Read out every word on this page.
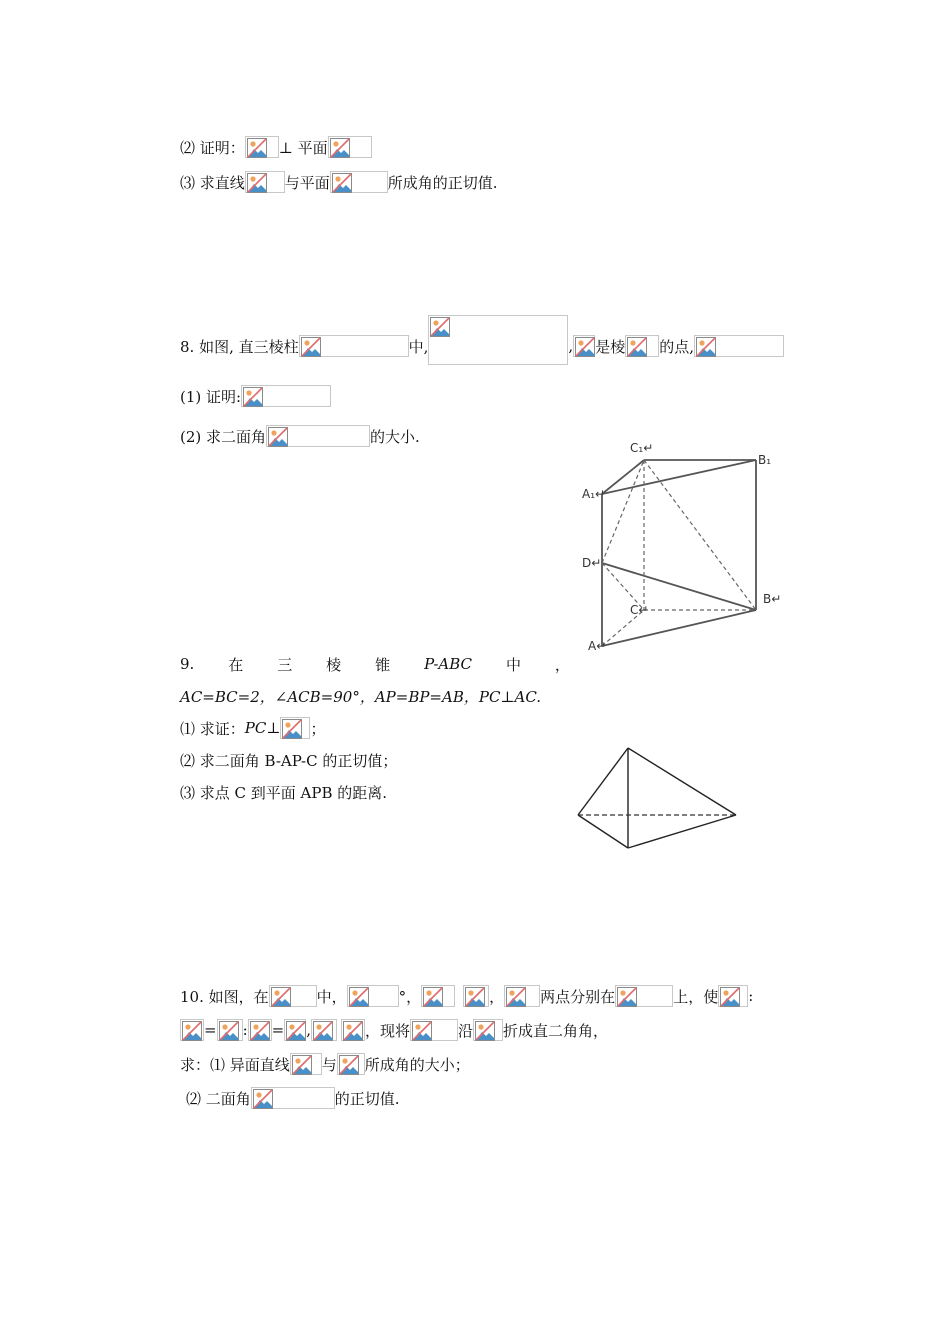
⑵ 证明： ⊥ 平面
⑶ 求直线	与平面	所成角的正切值.
8. 如图, 直三棱柱	中,	, 是棱 的点,
(1) 证明:
(2) 求二面角	的大小.
C₁↵
B₁
A₁↵
D↵
C↵
B↵
A↵
9. 在 三 棱 锥 P-ABC 中 ，
AC=BC=2，∠ACB=90°，AP=BP=AB，PC⊥AC.
⑴ 求证： PC⊥ ；
⑵ 求二面角 B-AP-C 的正切值；
⑶ 求点 C 到平面 APB 的距离.
10. 如图，在	中，	°，	， 两点分别在	上，使 :
= : = ,	，现将	沿 折成直二角角，
求：⑴ 异面直线 与 所成角的大小；
⑵ 二面角	的正切值.
